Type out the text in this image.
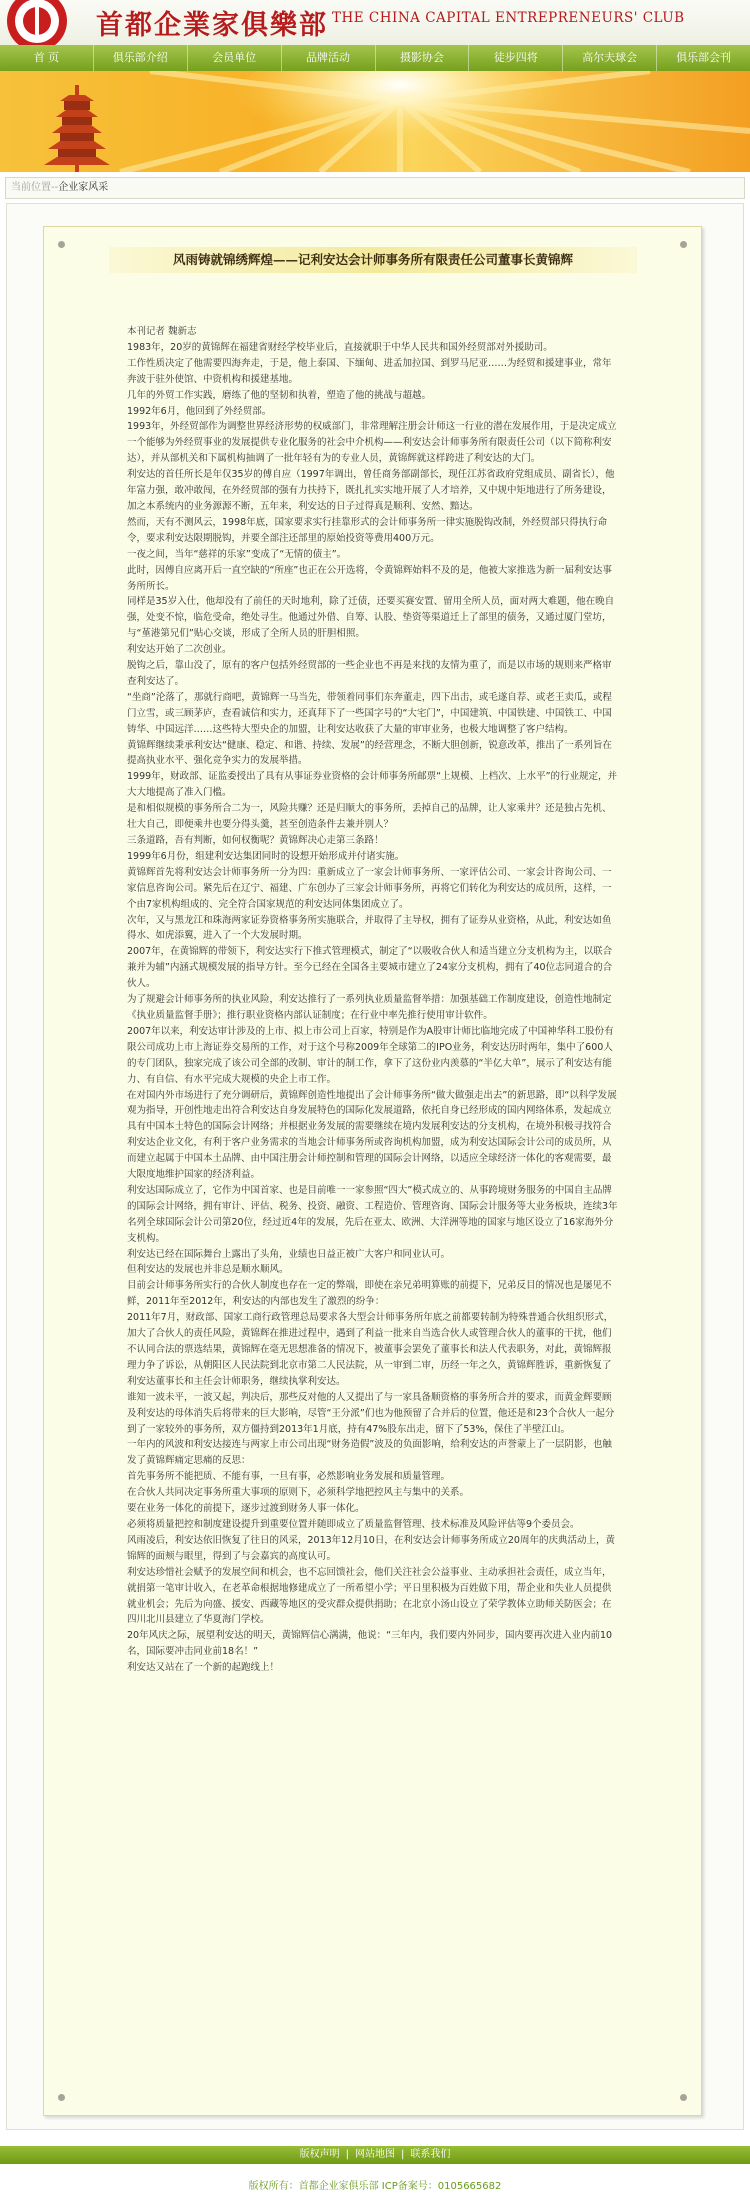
首都企業家俱樂部 THE CHINA CAPITAL ENTREPRENEURS' CLUB
首 页	俱乐部介绍	会员单位	品牌活动	摄影协会	徒步四将	高尔夫球会	俱乐部会刊
当前位置--企业家风采
风雨铸就锦绣辉煌——记利安达会计师事务所有限责任公司董事长黄锦辉

本刊记者 魏新志

1983年，20岁的黄锦辉在福建省财经学校毕业后，直接就职于中华人民共和国外经贸部对外援助司。

工作性质决定了他需要四海奔走，于是，他上泰国、下缅甸、进孟加拉国、到罗马尼亚……为经贸和援建事业，常年奔波于驻外使馆、中资机构和援建基地。

几年的外贸工作实践，磨练了他的坚韧和执着，塑造了他的挑战与超越。

1992年6月，他回到了外经贸部。

1993年，外经贸部作为调整世界经济形势的权威部门，非常理解注册会计师这一行业的潜在发展作用，于是决定成立一个能够为外经贸事业的发展提供专业化服务的社会中介机构——利安达会计师事务所有限责任公司（以下简称利安达），并从部机关和下属机构抽调了一批年轻有为的专业人员，黄锦辉就这样跨进了利安达的大门。

利安达的首任所长是年仅35岁的傅自应（1997年调出，曾任商务部副部长，现任江苏省政府党组成员、副省长），他年富力强，敢冲敢闯，在外经贸部的强有力扶持下，既扎扎实实地开展了人才培养，又中规中矩地进行了所务建设，加之本系统内的业务源源不断，五年来，利安达的日子过得真是顺利、安然、黯达。

然而，天有不测风云，1998年底，国家要求实行挂靠形式的会计师事务所一律实施脱钩改制，外经贸部只得执行命令，要求利安达限期脱钩，并要全部注还部里的原始投资等费用400万元。

一夜之间，当年“慈祥的乐家”变成了“无情的债主”。

此时，因傅自应离开后一直空缺的“所座”也正在公开选将，令黄锦辉始料不及的是，他被大家推选为新一届利安达事务所所长。

同样是35岁入仕，他却没有了前任的天时地利，除了迁债，还要买赛安置、留用全所人员，面对两大难题，他在晚自强，处变不惊，临危受命，绝处寻生。他通过外借、自筹、认股、垫资等渠道迁上了部里的债务，又通过厦门堂坊，与“堇港第兄们”贴心交谈，形成了全所人员的肝胆相照。

利安达开始了二次创业。

脱钩之后，靠山没了，原有的客户包括外经贸部的一些企业也不再是来找的友情为重了，而是以市场的规则来严格审查利安达了。

“坐商”沦落了，那就行商吧，黄锦辉一马当先，带领着同事们东奔董走，四下出击，或毛遂自荐、或老王卖瓜，或程门立雪，或三顾茅庐，查看诚信和实力，还真拜下了一些国字号的“大宅门”，中国建筑、中国铁建、中国铁工、中国铸华、中国远洋……这些特大型央企的加盟，让利安达收获了大量的审审业务，也极大地调整了客户结构。

黄锦辉继续秉承利安达“健康、稳定、和谐、持续、发展”的经营理念，不断大胆创新，锐意改革，推出了一系列旨在提高执业水平、强化竞争实力的发展举措。

1999年，财政部、证监委授出了具有从事证券业资格的会计师事务所邮票“上规模、上档次、上水平”的行业规定，并大大地提高了准入门槛。

是和相似规模的事务所合二为一，风险共赚？还是归顺大的事务所，丢掉自己的品牌，让人家乘井？还是独占先机、壮大自己，即便乘井也要分得头羹，甚至创造条件去兼并别人？

三条道路，吾有判断，如何权衡呢？黄锦辉决心走第三条路！

1999年6月份，组建利安达集团同时的设想开始形成并付诸实施。

黄锦辉首先将利安达会计师事务所一分为四：重新成立了一家会计师事务所、一家评估公司、一家会计咨询公司、一家信息咨询公司。紧先后在辽宁、福建、广东创办了三家会计师事务所，再将它们转化为利安达的成员所，这样，一个由7家机构组成的、完全符合国家规范的利安达同体集团成立了。

次年，又与黑龙江和珠海两家证券资格事务所实施联合，并取得了主导权，拥有了证券从业资格，从此，利安达如鱼得水、如虎添翼，进入了一个大发展时期。

2007年，在黄锦辉的带领下，利安达实行下推式管理模式，制定了“以吸收合伙人和适当建立分支机构为主，以联合兼并为辅”内涵式规模发展的指导方针。至今已经在全国各主要城市建立了24家分支机构，拥有了40位志同道合的合伙人。

为了规避会计师事务所的执业风险，利安达推行了一系列执业质量监督举措：加强基础工作制度建设，创造性地制定《执业质量监督手册》；推行职业资格内部认证制度；在行业中率先推行使用审计软件。

2007年以来，利安达审计涉及的上市、拟上市公司上百家，特别是作为A股审计师比临地完成了中国神华科工股份有限公司成功上市上海证券交易所的工作，对于这个号称2009年全球第二的IPO业务，利安达历时两年，集中了600人的专门团队，独家完成了该公司全部的改制、审计的制工作，拿下了这份业内羡慕的“半亿大单”，展示了利安达有能力、有自信、有水平完成大规模的央企上市工作。

在对国内外市场进行了充分调研后，黄锦辉创造性地提出了会计师事务所“做大做强走出去”的新思路，即“以科学发展观为指导，开创性地走出符合利安达自身发展特色的国际化发展道路，依托自身已经形成的国内网络体系，发起成立具有中国本土特色的国际会计网络；并根据业务发展的需要继续在境内发展利安达的分支机构，在境外积极寻找符合利安达企业文化，有利于客户业务需求的当地会计师事务所或咨询机构加盟，成为利安达国际会计公司的成员所，从而建立起属于中国本土品牌、由中国注册会计师控制和管理的国际会计网络，以适应全球经济一体化的客观需要，最大限度地维护国家的经济利益。

利安达国际成立了，它作为中国首家、也是目前唯一一家参照“四大”模式成立的、从事跨境财务服务的中国自主品牌的国际会计网络，拥有审计、评估、税务、投资、融资、工程造价、管理咨询、国际会计服务等大业务板块，连续3年名列全球国际会计公司第20位，经过近4年的发展，先后在亚太、欧洲、大洋洲等地的国家与地区设立了16家海外分支机构。

利安达已经在国际舞台上露出了头角，业绩也日益正被广大客户和同业认可。

但利安达的发展也并非总是顺水顺风。

目前会计师事务所实行的合伙人制度也存在一定的弊端，即使在亲兄弟明算账的前提下，兄弟反目的情况也是屡见不鲜，2011年至2012年，利安达的内部也发生了激烈的纷争：

2011年7月，财政部、国家工商行政管理总局要求各大型会计师事务所年底之前都要转制为特殊普通合伙组织形式，加大了合伙人的责任风险，黄锦辉在推进过程中，遇到了利益一批来自当选合伙人或管理合伙人的董事的干扰，他们不认同合法的票选结果，黄锦辉在毫无思想准备的情况下，被董事会罢免了董事长和法人代表职务，对此，黄锦辉报理力争了诉讼，从朝阳区人民法院到北京市第二人民法院，从一审到二审，历经一年之久，黄锦辉胜诉，重新恢复了利安达董事长和主任会计师职务，继续执掌利安达。

谁知一波未平，一波又起，判决后，那些反对他的人又提出了与一家具备顺资格的事务所合并的要求，而黄金辉要顾及利安达的母体消失后将带来的巨大影响，尽管“王分派”们也为他预留了合并后的位置，他还是和23个合伙人一起分到了一家较外的事务所，双方僵持到2013年1月底，持有47%股东出走，留下了53%，保住了半壁江山。

一年内的风波和利安达接连与两家上市公司出现“财务造假”波及的负面影响，给利安达的声誉蒙上了一层阴影，也触发了黄锦辉痛定思痛的反思：

首先事务所不能把质、不能有事，一旦有事，必然影响业务发展和质量管理。

在合伙人共同决定事务所重大事项的原则下，必须科学地把控风主与集中的关系。

要在业务一体化的前提下，逐步过渡到财务人事一体化。

必须将质量把控和制度建设提升到重要位置并随即成立了质量监督管理、技术标准及风险评估等9个委员会。

风雨凌后，利安达依旧恢复了往日的风采，2013年12月10日，在利安达会计师事务所成立20周年的庆典活动上，黄锦辉的面颊与眼里，得到了与会嘉宾的高度认可。

利安达珍惜社会赋予的发展空间和机会，也不忘回馈社会，他们关注社会公益事业、主动承担社会责任，成立当年，就捐第一笔审计收入，在老革命根据地修建成立了一所希望小学；平日里积极为百姓做下用，帮企业和失业人员提供就业机会；先后为向盛、援安、西藏等地区的受灾群众提供捐助；在北京小汤山设立了荣学教体立助师关防医会；在四川北川县建立了华夏海门学校。

20年风庆之际，展望利安达的明天，黄锦辉信心满满，他说：“三年内，我们要内外同步，国内要再次进入业内前10名，国际要冲击同业前18名！”

利安达又站在了一个新的起跑线上！

版权声明 | 网站地图 | 联系我们
版权所有：首都企业家俱乐部 ICP备案号：0105665682
